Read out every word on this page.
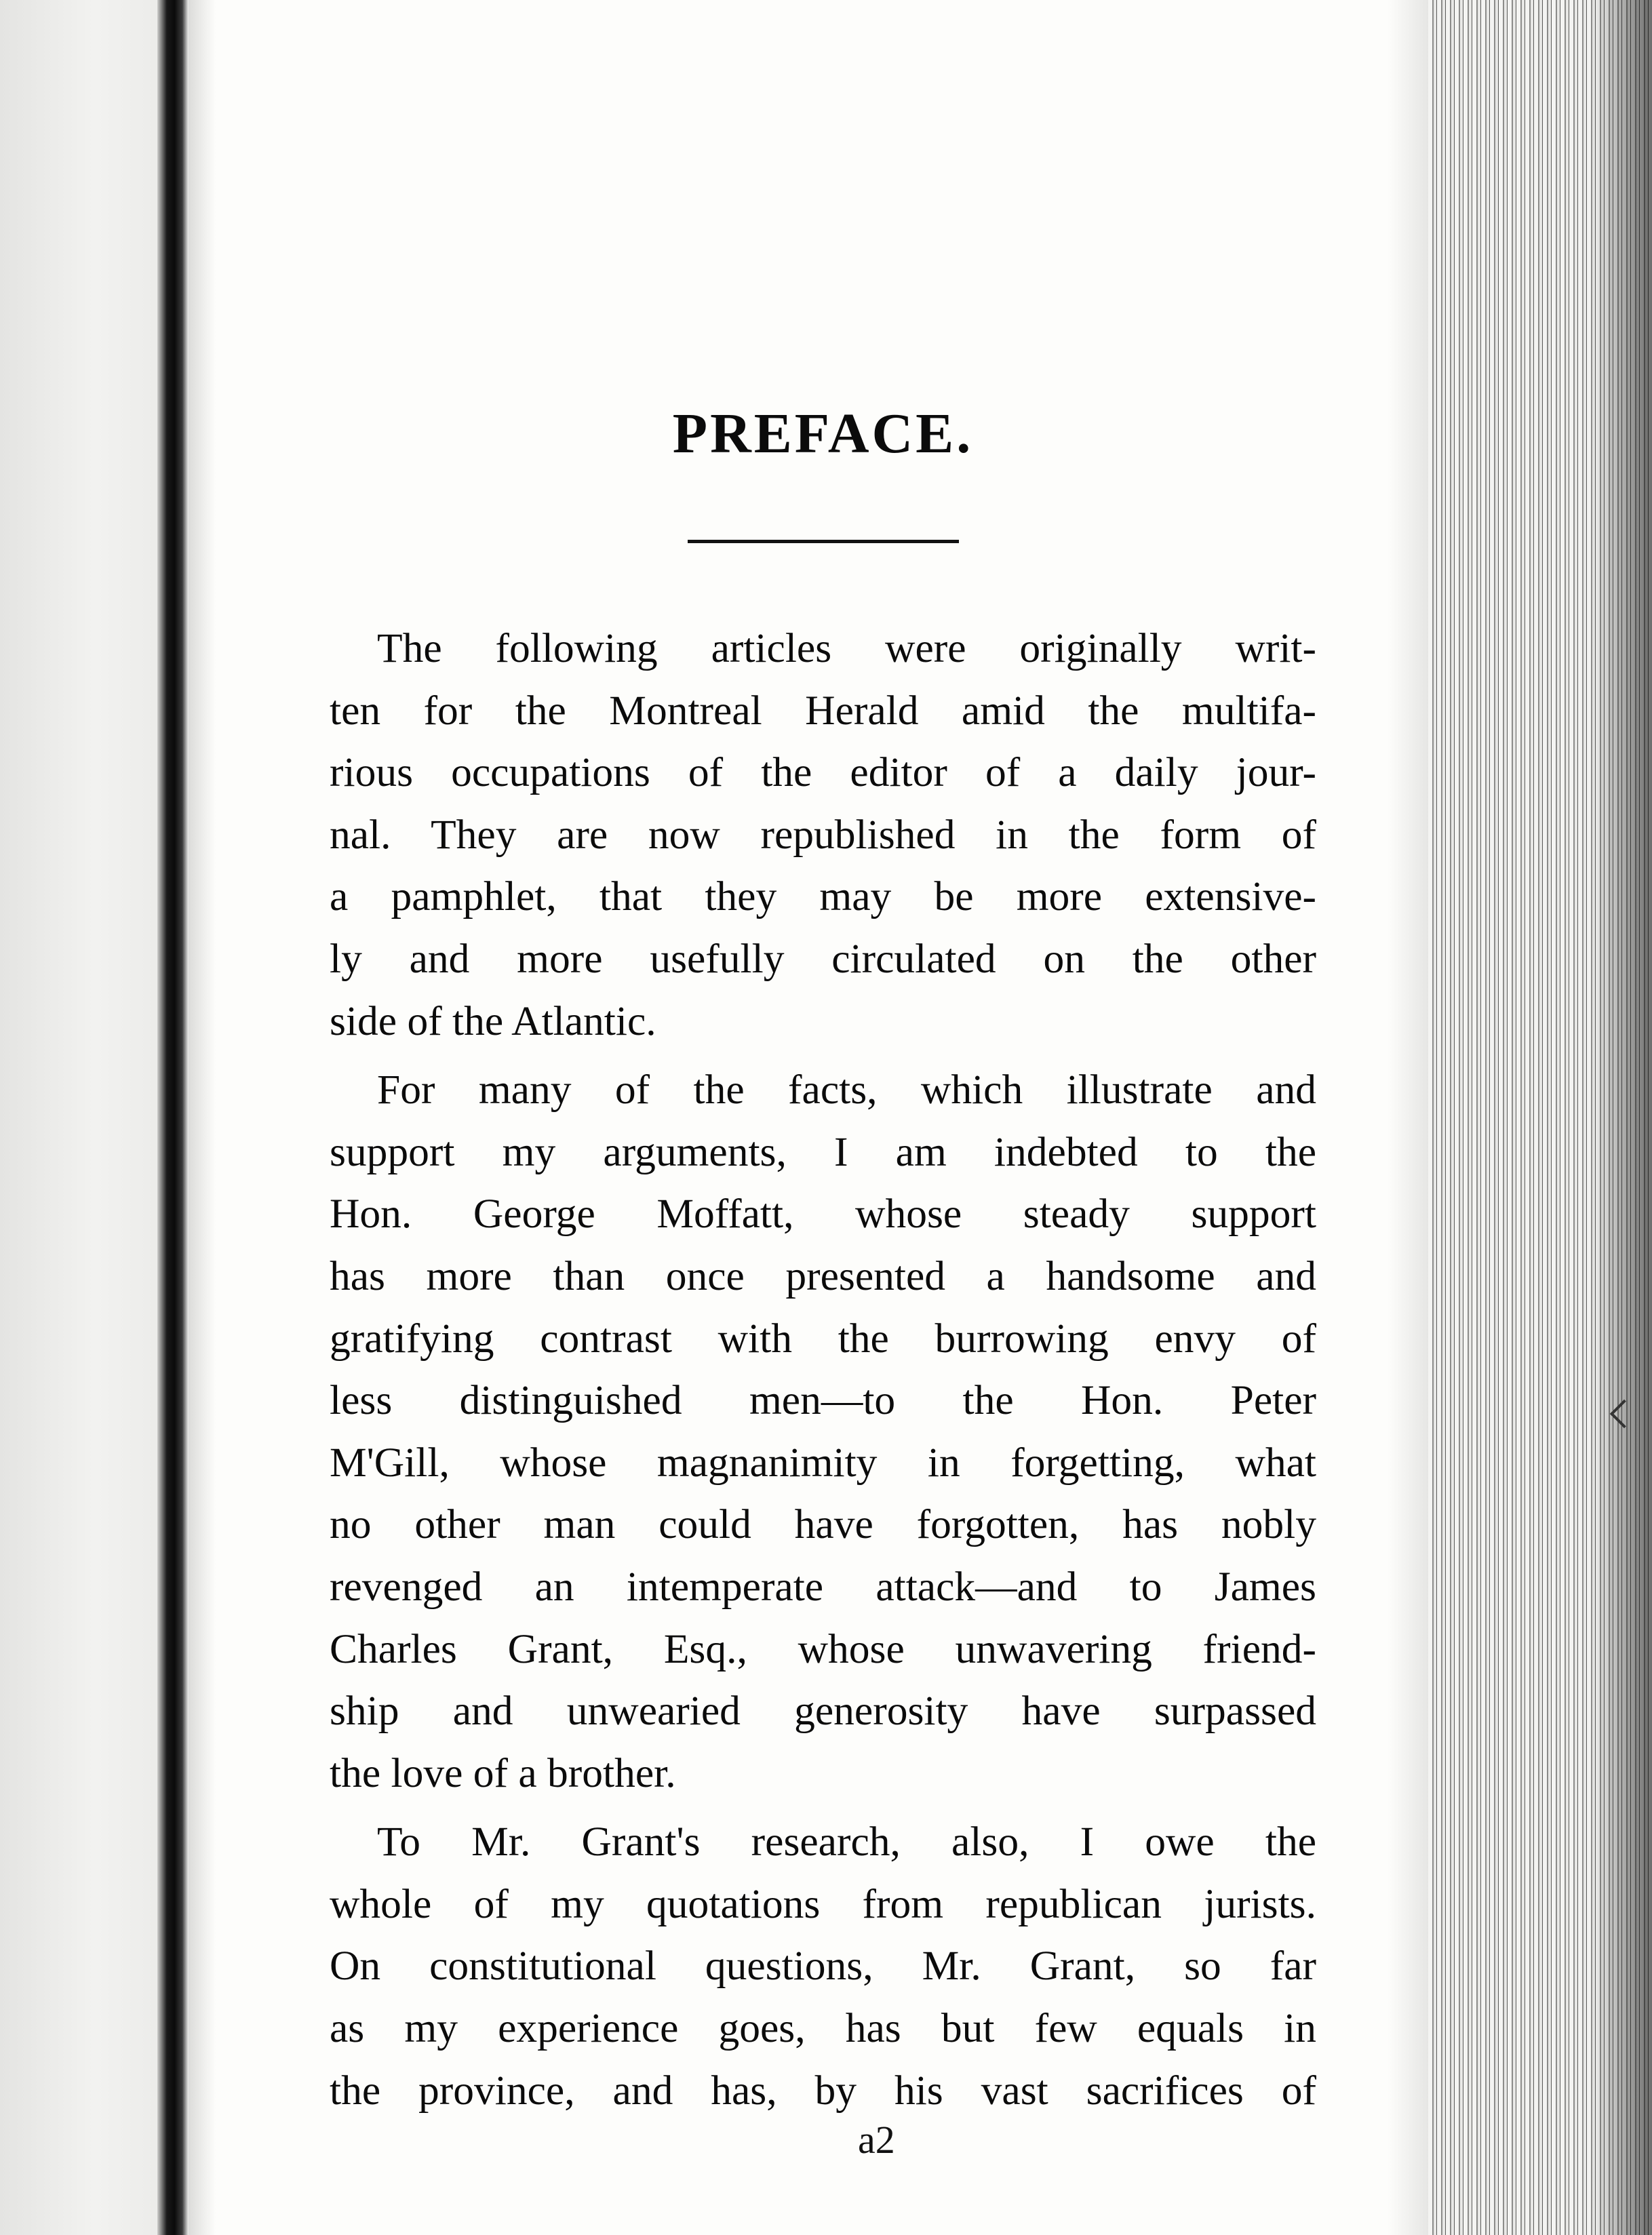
PREFACE.
The following articles were originally writ-
ten for the Montreal Herald amid the multifa-
rious occupations of the editor of a daily jour-
nal. They are now republished in the form of
a pamphlet, that they may be more extensive-
ly and more usefully circulated on the other
side of the Atlantic.
For many of the facts, which illustrate and
support my arguments, I am indebted to the
Hon. George Moffatt, whose steady support
has more than once presented a handsome and
gratifying contrast with the burrowing envy of
less distinguished men—to the Hon. Peter
M'Gill, whose magnanimity in forgetting, what
no other man could have forgotten, has nobly
revenged an intemperate attack—and to James
Charles Grant, Esq., whose unwavering friend-
ship and unwearied generosity have surpassed
the love of a brother.
To Mr. Grant's research, also, I owe the
whole of my quotations from republican jurists.
On constitutional questions, Mr. Grant, so far
as my experience goes, has but few equals in
the province, and has, by his vast sacrifices of
a2
